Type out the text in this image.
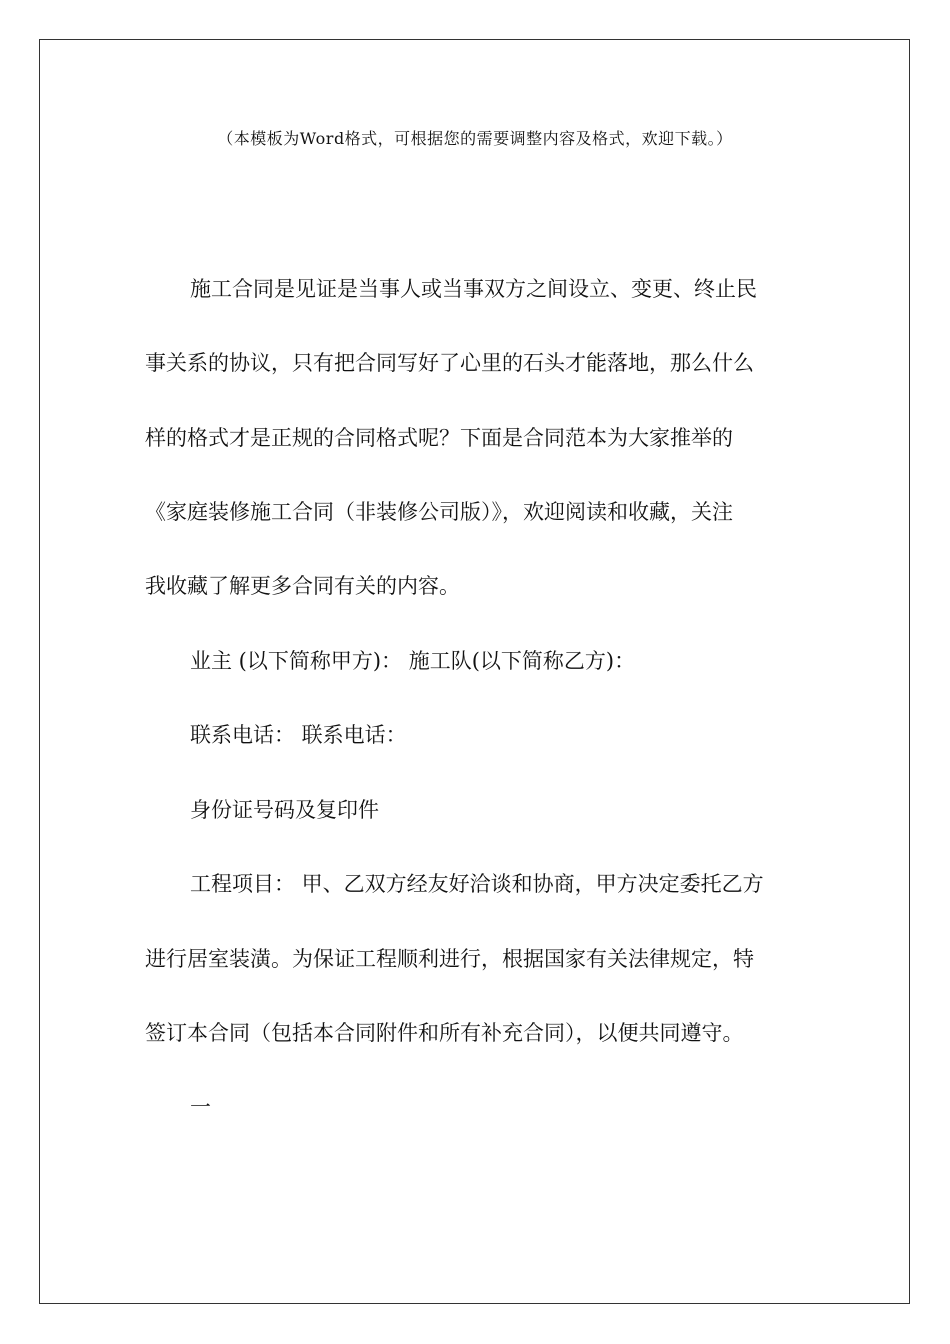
（本模板为Word格式，可根据您的需要调整内容及格式，欢迎下载。）
施工合同是见证是当事人或当事双方之间设立、变更、终止民
事关系的协议，只有把合同写好了心里的石头才能落地，那么什么
样的格式才是正规的合同格式呢？下面是合同范本为大家推举的
《家庭装修施工合同（非装修公司版）》，欢迎阅读和收藏，关注
我收藏了解更多合同有关的内容。
业主 (以下简称甲方)： 施工队(以下简称乙方)：
联系电话： 联系电话：
身份证号码及复印件
工程项目： 甲、乙双方经友好洽谈和协商，甲方决定委托乙方
进行居室装潢。为保证工程顺利进行，根据国家有关法律规定，特
签订本合同（包括本合同附件和所有补充合同），以便共同遵守。
一
